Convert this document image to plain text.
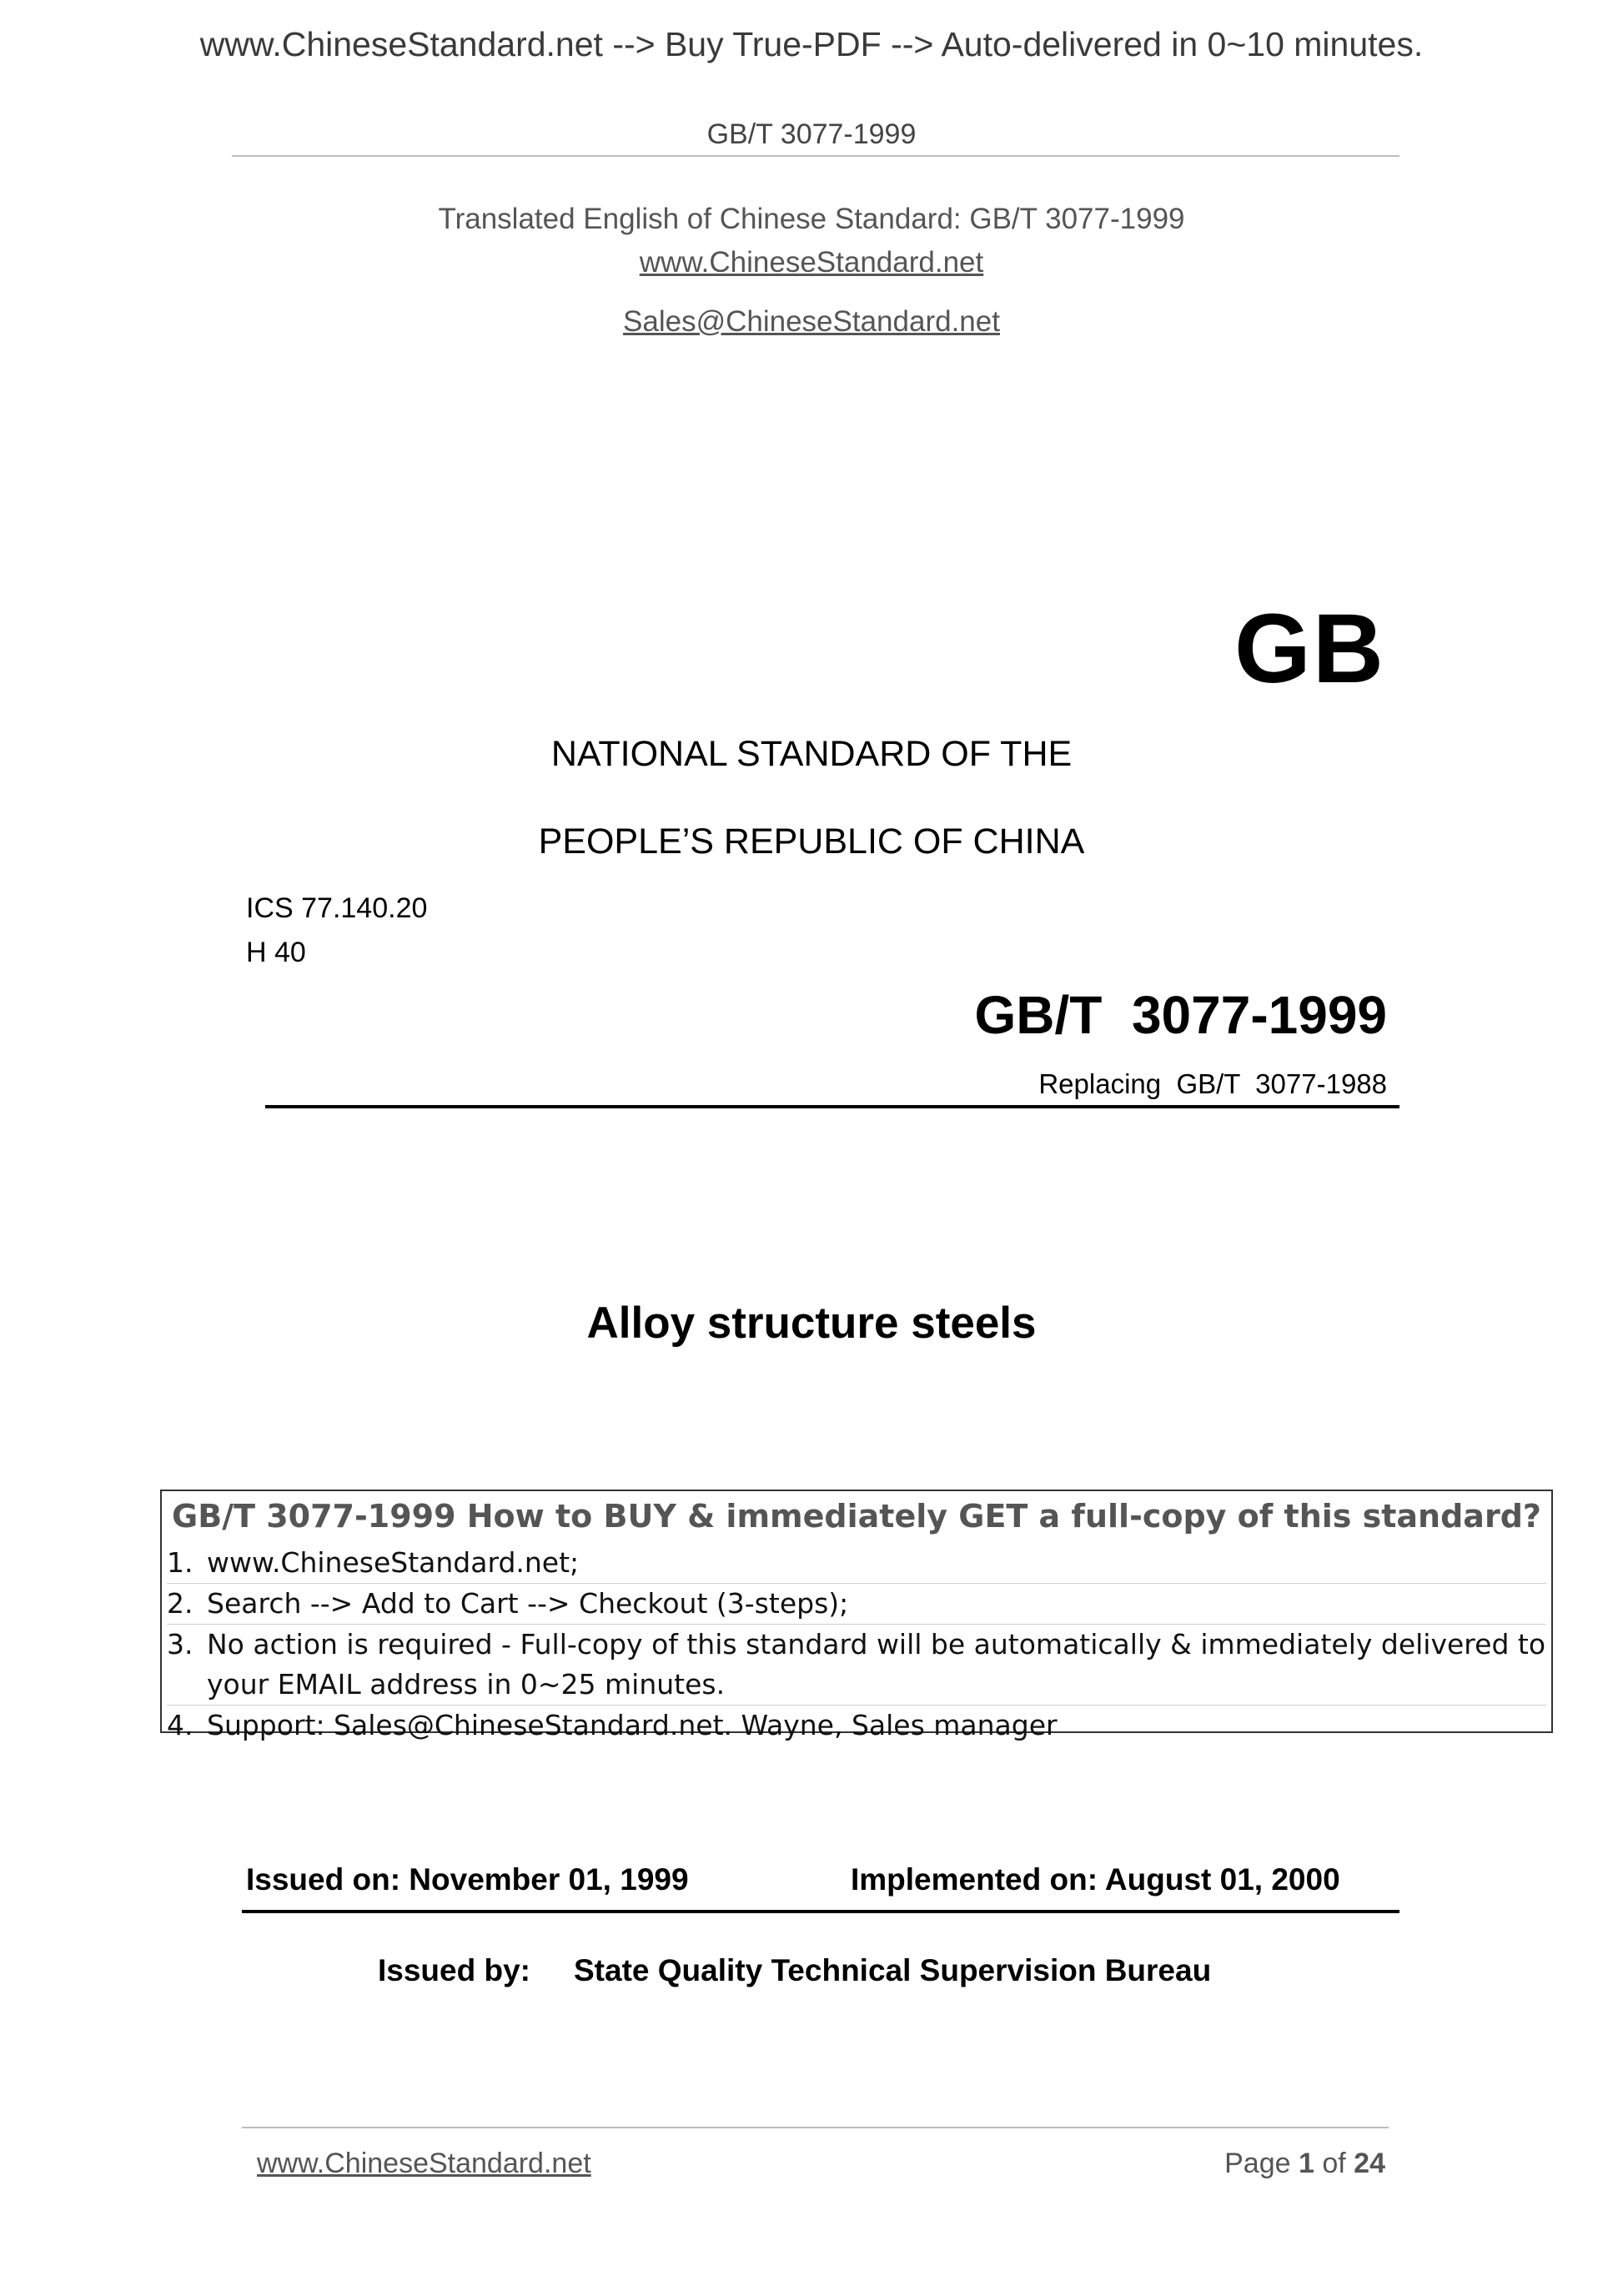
www.ChineseStandard.net --> Buy True-PDF --> Auto-delivered in 0~10 minutes.
GB/T 3077-1999
Translated English of Chinese Standard: GB/T 3077-1999
www.ChineseStandard.net
Sales@ChineseStandard.net
GB
NATIONAL STANDARD OF THE
PEOPLE’S REPUBLIC OF CHINA
ICS 77.140.20
H 40
GB/T  3077-1999
Replacing  GB/T  3077-1988
Alloy structure steels
GB/T 3077-1999 How to BUY & immediately GET a full-copy of this standard?
1. www.ChineseStandard.net;
2. Search --> Add to Cart --> Checkout (3-steps);
3. No action is required - Full-copy of this standard will be automatically & immediately delivered to your EMAIL address in 0~25 minutes.
4. Support: Sales@ChineseStandard.net. Wayne, Sales manager
Issued on: November 01, 1999	Implemented on: August 01, 2000
Issued by: State Quality Technical Supervision Bureau
www.ChineseStandard.net	Page 1 of 24
